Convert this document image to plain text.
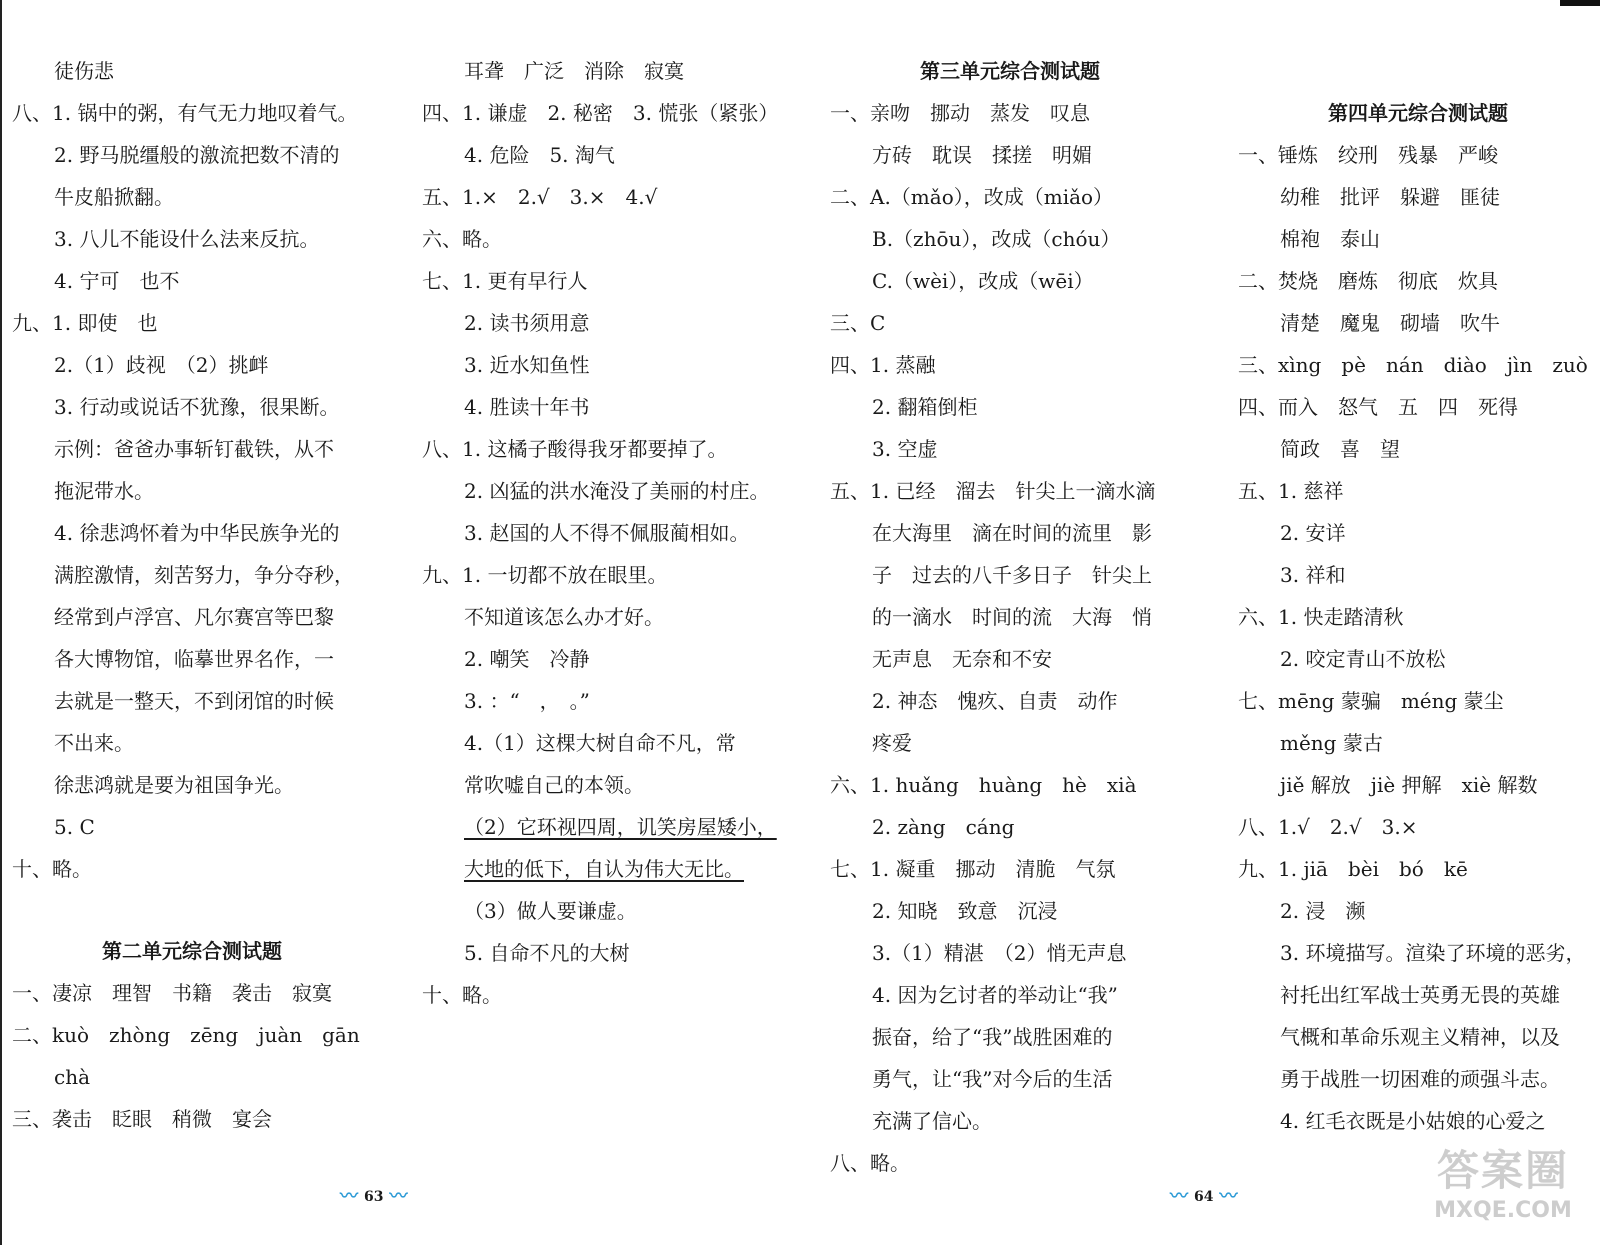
徒伤悲
八、1. 锅中的粥，有气无力地叹着气。
2. 野马脱缰般的激流把数不清的
牛皮船掀翻。
3. 八儿不能设什么法来反抗。
4. 宁可　也不
九、1. 即使　也
2.（1）歧视　（2）挑衅
3. 行动或说话不犹豫，很果断。
示例：爸爸办事斩钉截铁，从不
拖泥带水。
4. 徐悲鸿怀着为中华民族争光的
满腔激情，刻苦努力，争分夺秒，
经常到卢浮宫、凡尔赛宫等巴黎
各大博物馆，临摹世界名作，一
去就是一整天，不到闭馆的时候
不出来。
徐悲鸿就是要为祖国争光。
5. C
十、略。
第二单元综合测试题
一、凄凉　理智　书籍　袭击　寂寞
二、kuò　zhòng　zēng　juàn　gān
chà
三、袭击　眨眼　稍微　宴会
耳聋　广泛　消除　寂寞
四、1. 谦虚　2. 秘密　3. 慌张（紧张）
4. 危险　5. 淘气
五、1.×　2.√　3.×　4.√
六、略。
七、1. 更有早行人
2. 读书须用意
3. 近水知鱼性
4. 胜读十年书
八、1. 这橘子酸得我牙都要掉了。
2. 凶猛的洪水淹没了美丽的村庄。
3. 赵国的人不得不佩服蔺相如。
九、1. 一切都不放在眼里。
不知道该怎么办才好。
2. 嘲笑　冷静
3. ：“　，　。”
4.（1）这棵大树自命不凡，常
常吹嘘自己的本领。
（2）它环视四周，讥笑房屋矮小，
大地的低下，自认为伟大无比。
（3）做人要谦虚。
5. 自命不凡的大树
十、略。
第三单元综合测试题
一、亲吻　挪动　蒸发　叹息
方砖　耽误　揉搓　明媚
二、A.（mǎo），改成（miǎo）
B.（zhōu），改成（chóu）
C.（wèi），改成（wēi）
三、C
四、1. 蒸融
2. 翻箱倒柜
3. 空虚
五、1. 已经　溜去　针尖上一滴水滴
在大海里　滴在时间的流里　影
子　过去的八千多日子　针尖上
的一滴水　时间的流　大海　悄
无声息　无奈和不安
2. 神态　愧疚、自责　动作
疼爱
六、1. huǎng　huàng　hè　xià
2. zàng　cáng
七、1. 凝重　挪动　清脆　气氛
2. 知晓　致意　沉浸
3.（1）精湛　（2）悄无声息
4. 因为乞讨者的举动让“我”
振奋，给了“我”战胜困难的
勇气，让“我”对今后的生活
充满了信心。
八、略。
第四单元综合测试题
一、锤炼　绞刑　残暴　严峻
幼稚　批评　躲避　匪徒
棉袍　泰山
二、焚烧　磨炼　彻底　炊具
清楚　魔鬼　砌墙　吹牛
三、xìng　pè　nán　diào　jìn　zuò
四、而入　怒气　五　四　死得
简政　喜　望
五、1. 慈祥
2. 安详
3. 祥和
六、1. 快走踏清秋
2. 咬定青山不放松
七、mēng 蒙骗　méng 蒙尘
měng 蒙古
jiě 解放　jiè 押解　xiè 解数
八、1.√　2.√　3.×
九、1. jiā　bèi　bó　kē
2. 浸　濒
3. 环境描写。渲染了环境的恶劣，
衬托出红军战士英勇无畏的英雄
气概和革命乐观主义精神，以及
勇于战胜一切困难的顽强斗志。
4. 红毛衣既是小姑娘的心爱之
〰 63 〰	〰 64 〰
答案圈
MXQE.COM
